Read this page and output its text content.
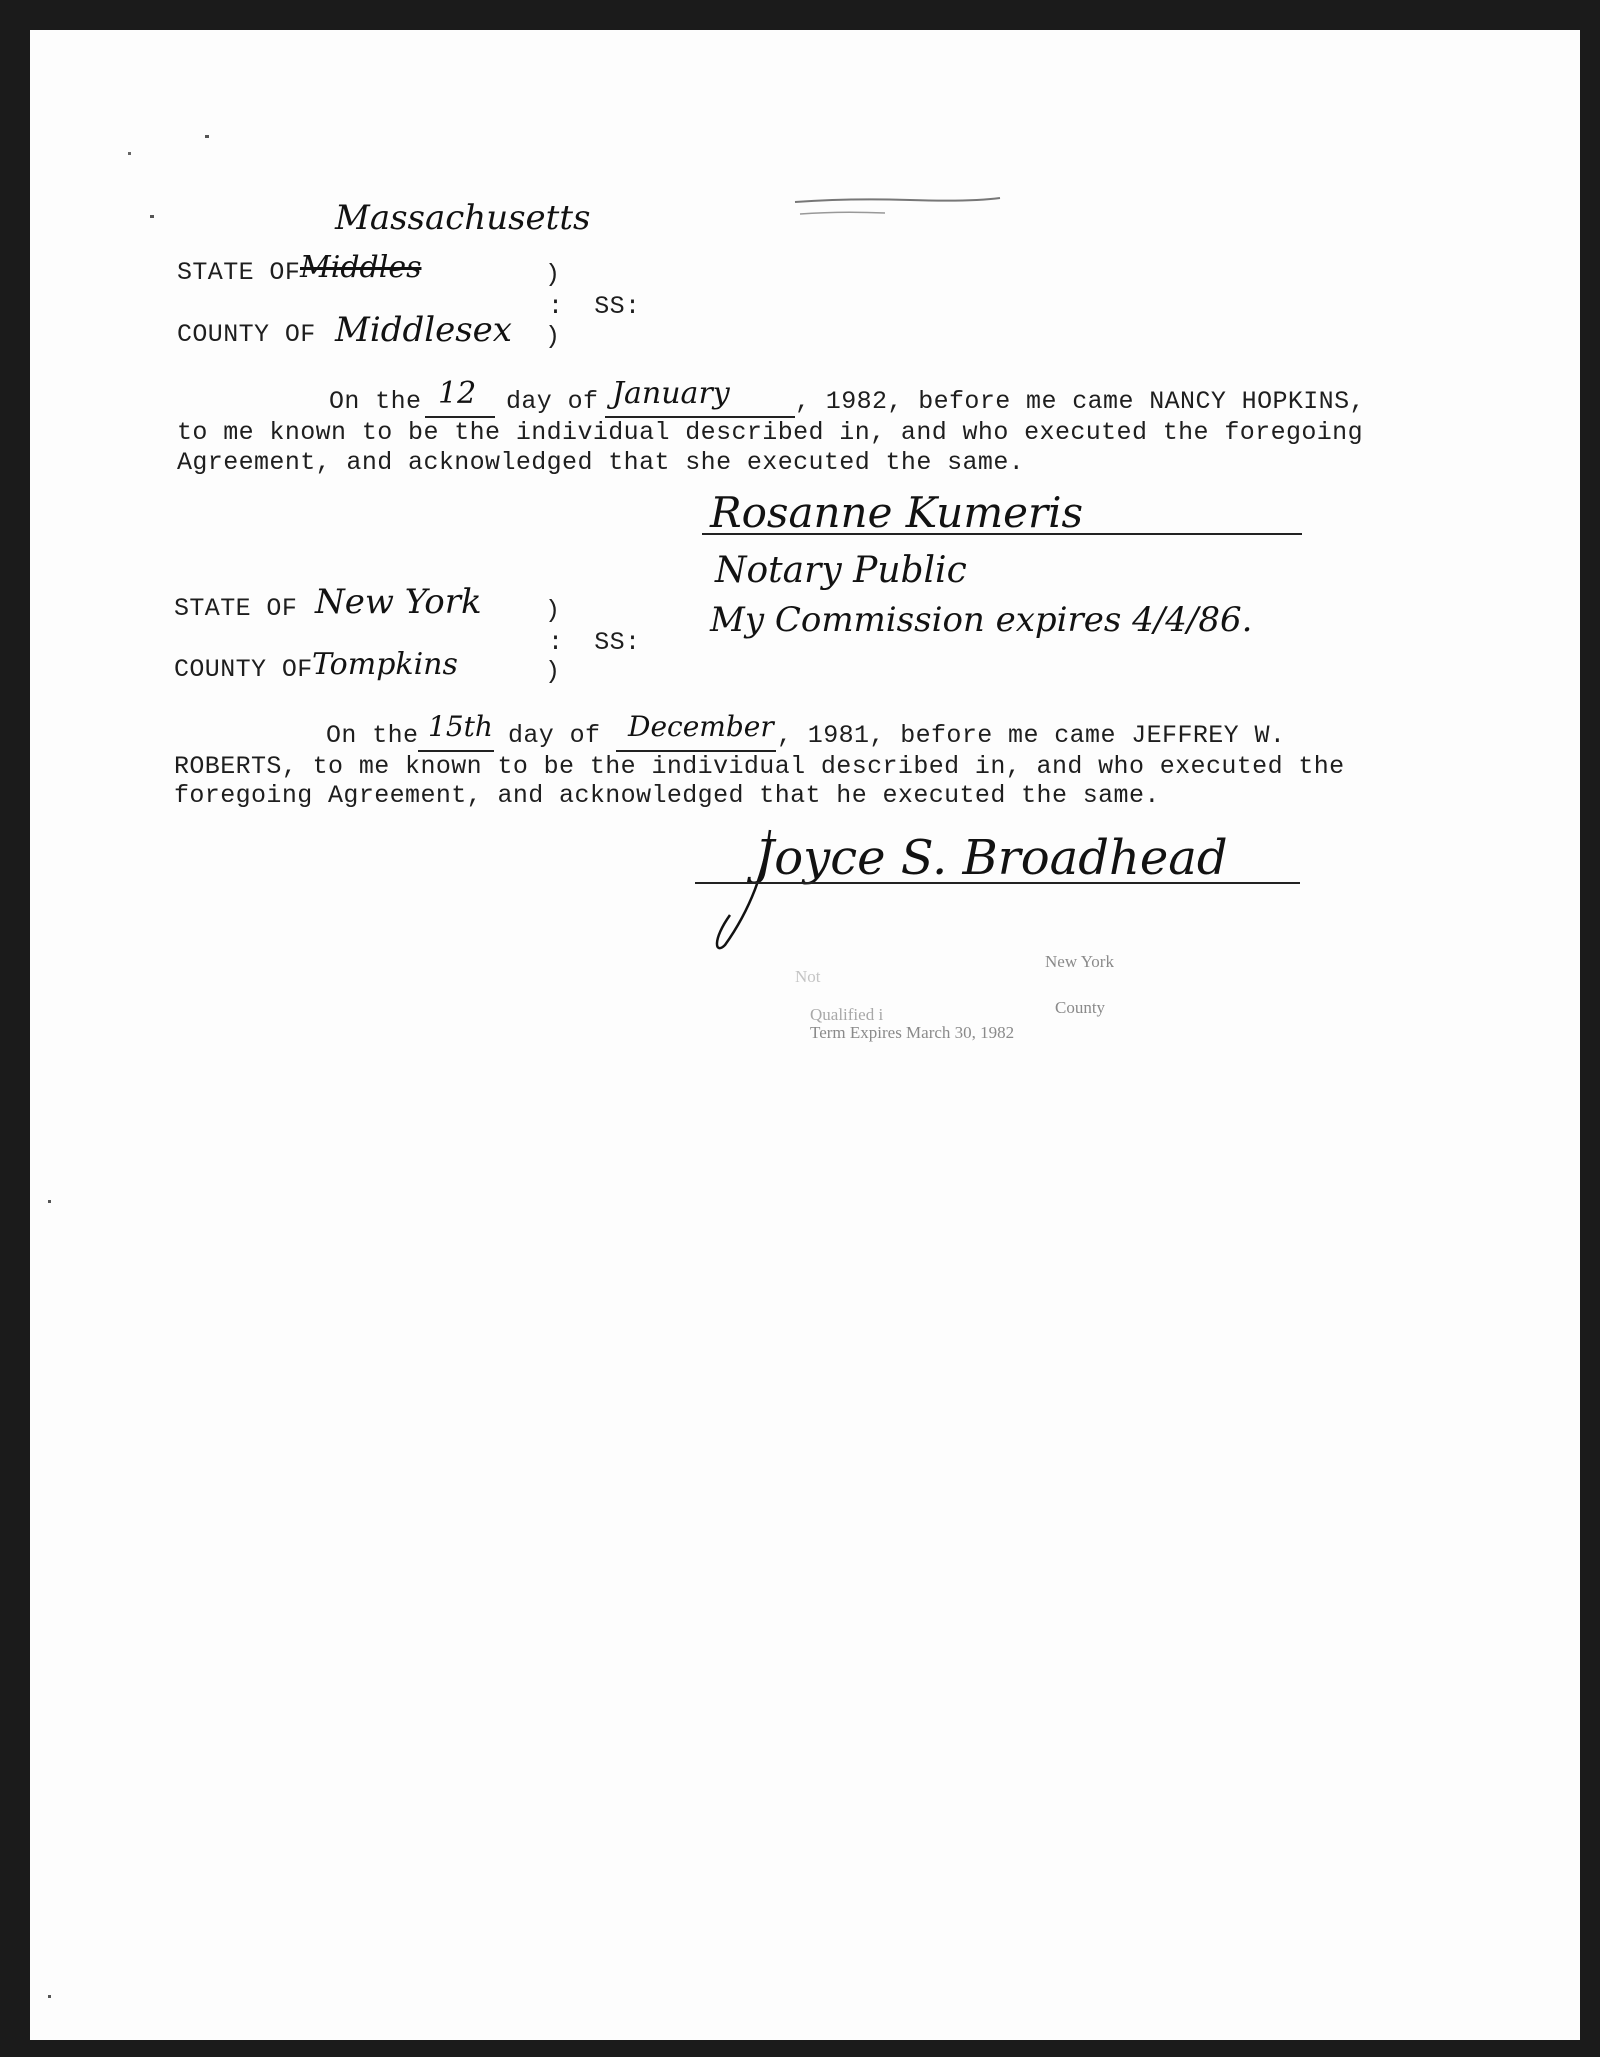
Massachusetts
STATE OF Middles	)
:  SS:
COUNTY OF Middlesex )
On the 12 day of January	, 1982, before me came NANCY HOPKINS,
to me known to be the individual described in, and who executed the foregoing
Agreement, and acknowledged that she executed the same.
Rosanne Kumeris
Notary Public
My Commission expires 4/4/86.
STATE OF New York	)
:  SS:
COUNTY OF Tompkins	)
On the 15th day of December , 1981, before me came JEFFREY W.
ROBERTS, to me known to be the individual described in, and who executed the
foregoing Agreement, and acknowledged that he executed the same.
Joyce S. Broadhead
Not
New York
Qualified i	County
Term Expires March 30, 1982
